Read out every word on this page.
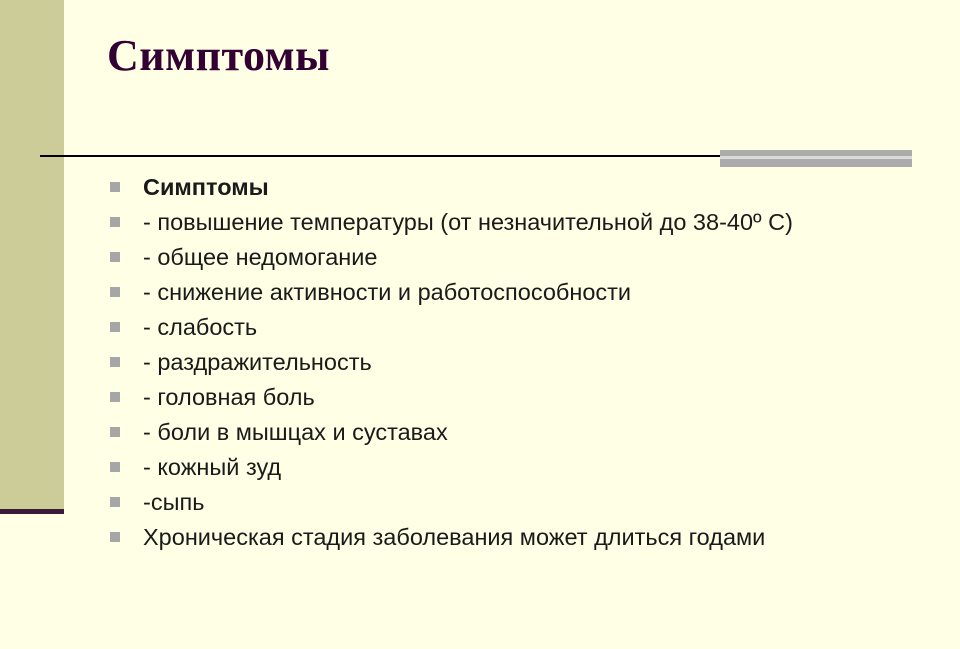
Симптомы
Симптомы
- повышение температуры (от незначительной до 38-40º С)
- общее недомогание
- снижение активности и работоспособности
- слабость
- раздражительность
- головная боль
- боли в мышцах и суставах
- кожный зуд
-сыпь
Хроническая стадия заболевания может длиться годами
